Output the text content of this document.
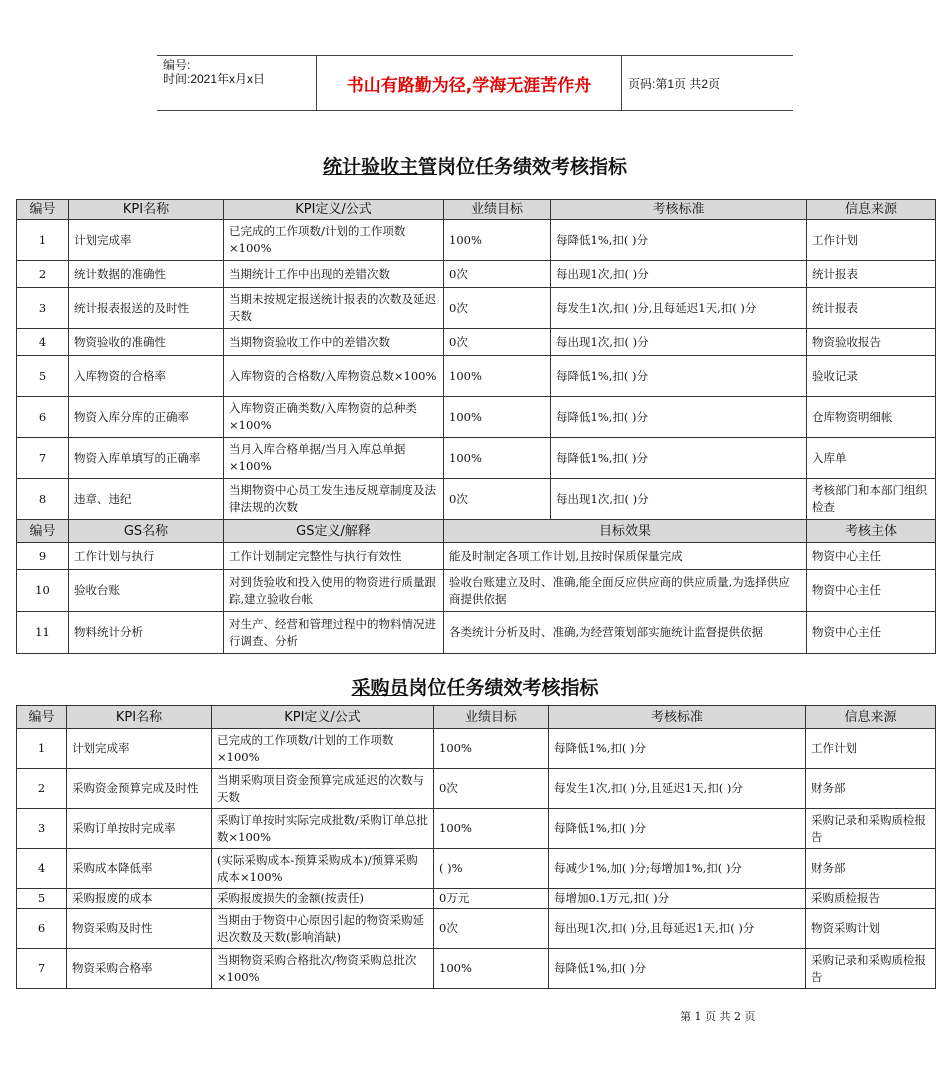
编号:
时间:2021年x月x日	书山有路勤为径,学海无涯苦作舟	页码:第1页 共2页
统计验收主管岗位任务绩效考核指标
编号	KPI名称	KPI定义/公式	业绩目标	考核标准	信息来源
1	计划完成率	已完成的工作项数/计划的工作项数×100%	100%	每降低1%,扣( )分	工作计划
2	统计数据的准确性	当期统计工作中出现的差错次数	0次	每出现1次,扣( )分	统计报表
3	统计报表报送的及时性	当期未按规定报送统计报表的次数及延迟天数	0次	每发生1次,扣( )分,且每延迟1天,扣( )分	统计报表
4	物资验收的准确性	当期物资验收工作中的差错次数	0次	每出现1次,扣( )分	物资验收报告
5	入库物资的合格率	入库物资的合格数/入库物资总数×100%	100%	每降低1%,扣( )分	验收记录
6	物资入库分库的正确率	入库物资正确类数/入库物资的总种类×100%	100%	每降低1%,扣( )分	仓库物资明细帐
7	物资入库单填写的正确率	当月入库合格单据/当月入库总单据×100%	100%	每降低1%,扣( )分	入库单
8	违章、违纪	当期物资中心员工发生违反规章制度及法律法规的次数	0次	每出现1次,扣( )分	考核部门和本部门组织检查
编号	GS名称	GS定义/解释	目标效果		考核主体
9	工作计划与执行	工作计划制定完整性与执行有效性	能及时制定各项工作计划,且按时保质保量完成		物资中心主任
10	验收台账	对到货验收和投入使用的物资进行质量跟踪,建立验收台帐	验收台账建立及时、准确,能全面反应供应商的供应质量,为选择供应商提供依据		物资中心主任
11	物料统计分析	对生产、经营和管理过程中的物料情况进行调查、分析	各类统计分析及时、准确,为经营策划部实施统计监督提供依据		物资中心主任
采购员岗位任务绩效考核指标
编号	KPI名称	KPI定义/公式	业绩目标	考核标准	信息来源
1	计划完成率	已完成的工作项数/计划的工作项数×100%	100%	每降低1%,扣( )分	工作计划
2	采购资金预算完成及时性	当期采购项目资金预算完成延迟的次数与天数	0次	每发生1次,扣( )分,且延迟1天,扣( )分	财务部
3	采购订单按时完成率	采购订单按时实际完成批数/采购订单总批数×100%	100%	每降低1%,扣( )分	采购记录和采购质检报告
4	采购成本降低率	(实际采购成本-预算采购成本)/预算采购成本×100%	( )%	每减少1%,加( )分;每增加1%,扣( )分	财务部
5	采购报废的成本	采购报废损失的金额(按责任)	0万元	每增加0.1万元,扣( )分	采购质检报告
6	物资采购及时性	当期由于物资中心原因引起的物资采购延迟次数及天数(影响消缺)	0次	每出现1次,扣( )分,且每延迟1天,扣( )分	物资采购计划
7	物资采购合格率	当期物资采购合格批次/物资采购总批次×100%	100%	每降低1%,扣( )分	采购记录和采购质检报告
第 1 页 共 2 页
